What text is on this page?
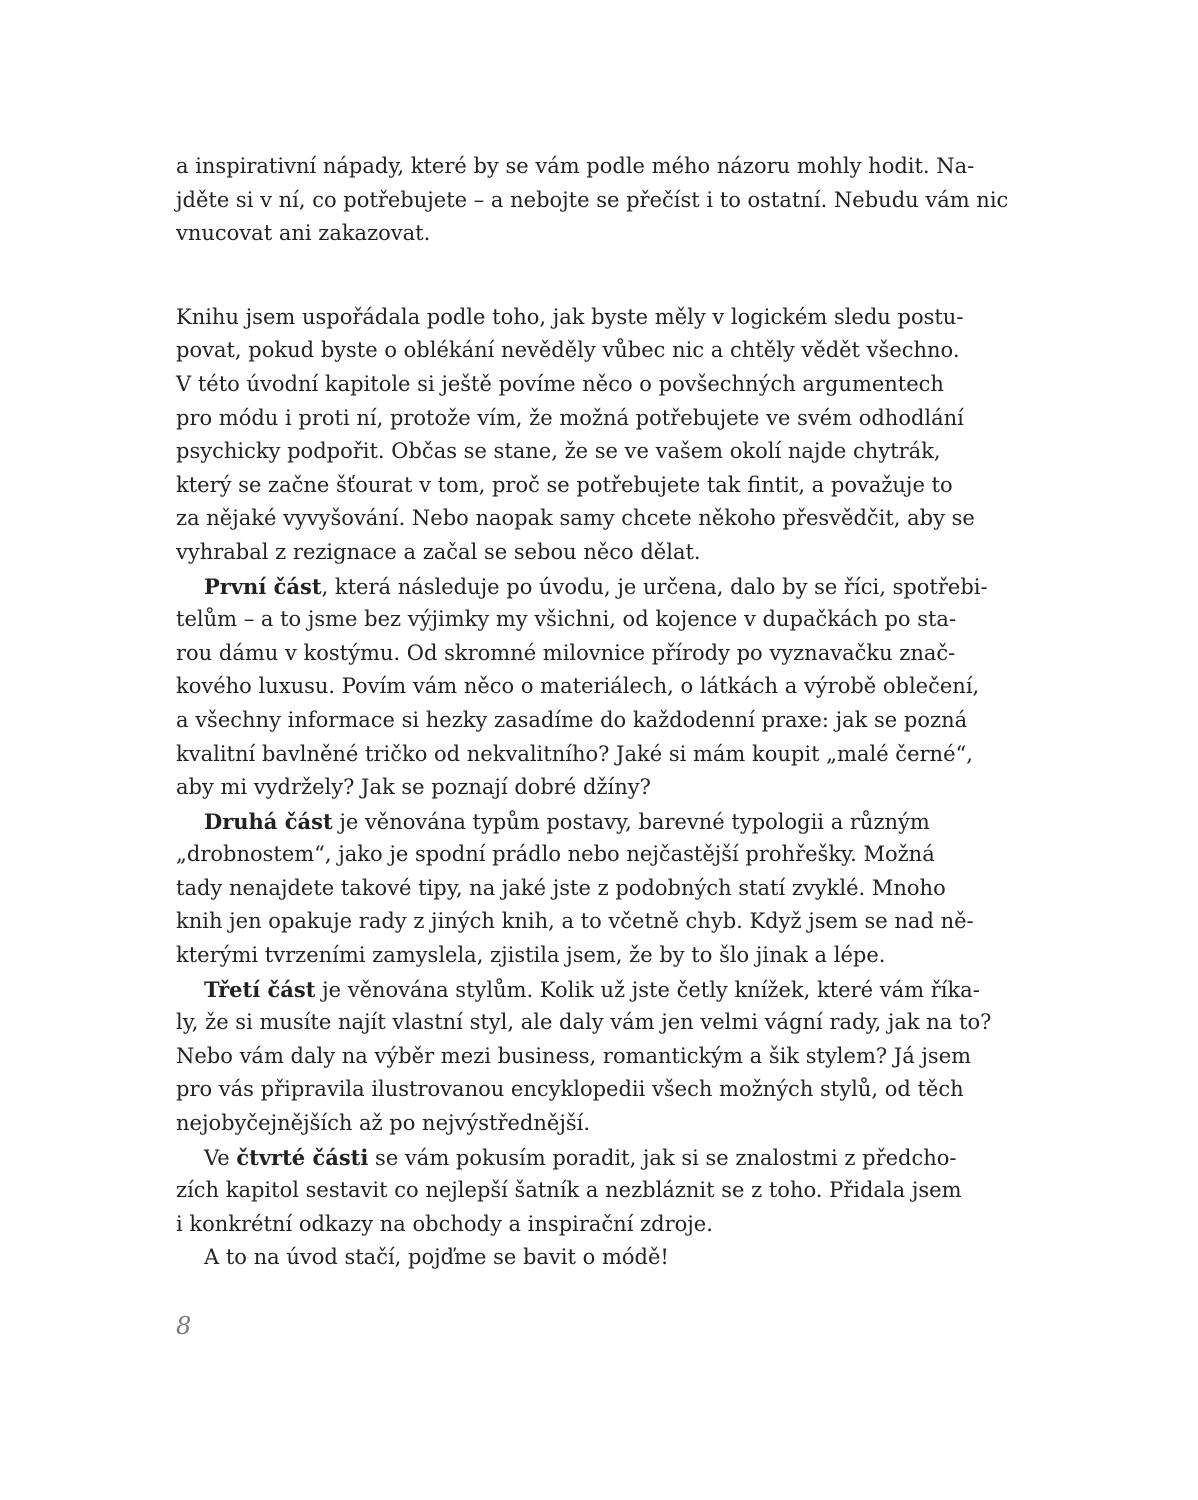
a inspirativní nápady, které by se vám podle mého názoru mohly hodit. Na-
jděte si v ní, co potřebujete – a nebojte se přečíst i to ostatní. Nebudu vám nic
vnucovat ani zakazovat.
Knihu jsem uspořádala podle toho, jak byste měly v logickém sledu postu-
povat, pokud byste o oblékání nevěděly vůbec nic a chtěly vědět všechno.
V této úvodní kapitole si ještě povíme něco o povšechných argumentech
pro módu i proti ní, protože vím, že možná potřebujete ve svém odhodlání
psychicky podpořit. Občas se stane, že se ve vašem okolí najde chytrák,
který se začne šťourat v tom, proč se potřebujete tak fintit, a považuje to
za nějaké vyvyšování. Nebo naopak samy chcete někoho přesvědčit, aby se
vyhrabal z rezignace a začal se sebou něco dělat.
První část, která následuje po úvodu, je určena, dalo by se říci, spotřebi-
telům – a to jsme bez výjimky my všichni, od kojence v dupačkách po sta-
rou dámu v kostýmu. Od skromné milovnice přírody po vyznavačku znač-
kového luxusu. Povím vám něco o materiálech, o látkách a výrobě oblečení,
a všechny informace si hezky zasadíme do každodenní praxe: jak se pozná
kvalitní bavlněné tričko od nekvalitního? Jaké si mám koupit „malé černé“,
aby mi vydržely? Jak se poznají dobré džíny?
Druhá část je věnována typům postavy, barevné typologii a různým
„drobnostem“, jako je spodní prádlo nebo nejčastější prohřešky. Možná
tady nenajdete takové tipy, na jaké jste z podobných statí zvyklé. Mnoho
knih jen opakuje rady z jiných knih, a to včetně chyb. Když jsem se nad ně-
kterými tvrzeními zamyslela, zjistila jsem, že by to šlo jinak a lépe.
Třetí část je věnována stylům. Kolik už jste četly knížek, které vám říka-
ly, že si musíte najít vlastní styl, ale daly vám jen velmi vágní rady, jak na to?
Nebo vám daly na výběr mezi business, romantickým a šik stylem? Já jsem
pro vás připravila ilustrovanou encyklopedii všech možných stylů, od těch
nejobyčejnějších až po nejvýstřednější.
Ve čtvrté části se vám pokusím poradit, jak si se znalostmi z předcho-
zích kapitol sestavit co nejlepší šatník a nezbláznit se z toho. Přidala jsem
i konkrétní odkazy na obchody a inspirační zdroje.
A to na úvod stačí, pojďme se bavit o módě!
8
